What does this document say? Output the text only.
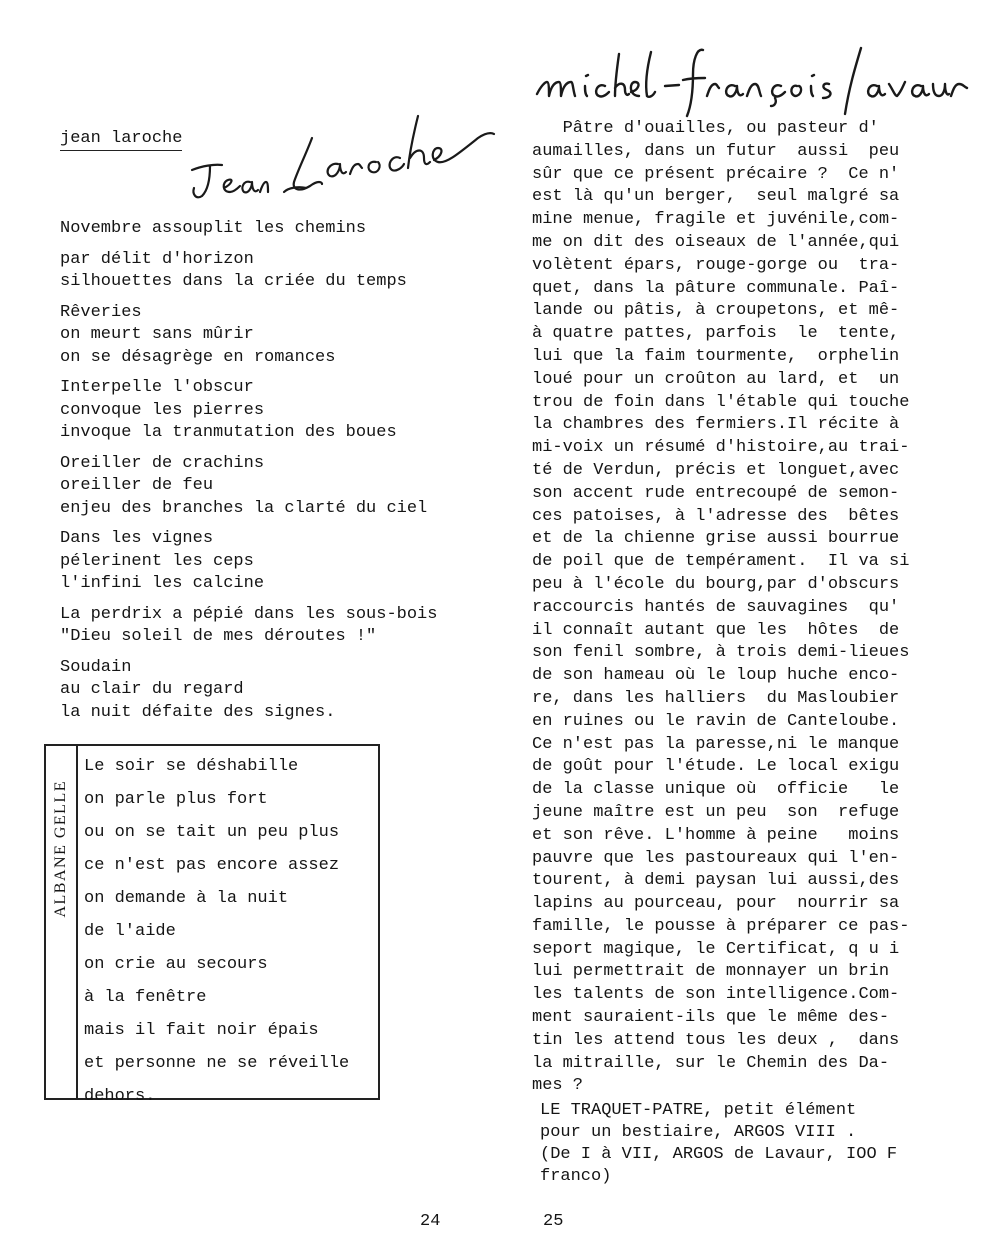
jean laroche
Novembre assouplit les chemins
par délit d'horizon
silhouettes dans la criée du temps
Rêveries
on meurt sans mûrir
on se désagrège en romances
Interpelle l'obscur
convoque les pierres
invoque la tranmutation des boues
Oreiller de crachins
oreiller de feu
enjeu des branches la clarté du ciel
Dans les vignes
pélerinent les ceps
l'infini les calcine
La perdrix a pépié dans les sous-bois
"Dieu soleil de mes déroutes !"
Soudain
au clair du regard
la nuit défaite des signes.
ALBANE GELLE
Le soir se déshabille
on parle plus fort
ou on se tait un peu plus
ce n'est pas encore assez
on demande à la nuit
de l'aide
on crie au secours
à la fenêtre
mais il fait noir épais
et personne ne se réveille
dehors.
24
Pâtre d'ouailles, ou pasteur d'
aumailles, dans un futur  aussi  peu
sûr que ce présent précaire ?  Ce n'
est là qu'un berger,  seul malgré sa
mine menue, fragile et juvénile,com-
me on dit des oiseaux de l'année,qui
volètent épars, rouge-gorge ou  tra-
quet, dans la pâture communale. Paî-
lande ou pâtis, à croupetons, et mê-
à quatre pattes, parfois  le  tente,
lui que la faim tourmente,  orphelin
loué pour un croûton au lard, et  un
trou de foin dans l'étable qui touche
la chambres des fermiers.Il récite à
mi-voix un résumé d'histoire,au trai-
té de Verdun, précis et longuet,avec
son accent rude entrecoupé de semon-
ces patoises, à l'adresse des  bêtes
et de la chienne grise aussi bourrue
de poil que de tempérament.  Il va si
peu à l'école du bourg,par d'obscurs
raccourcis hantés de sauvagines  qu'
il connaît autant que les  hôtes  de
son fenil sombre, à trois demi-lieues
de son hameau où le loup huche enco-
re, dans les halliers  du Masloubier
en ruines ou le ravin de Canteloube.
Ce n'est pas la paresse,ni le manque
de goût pour l'étude. Le local exigu
de la classe unique où  officie   le
jeune maître est un peu  son  refuge
et son rêve. L'homme à peine   moins
pauvre que les pastoureaux qui l'en-
tourent, à demi paysan lui aussi,des
lapins au pourceau, pour  nourrir sa
famille, le pousse à préparer ce pas-
seport magique, le Certificat, q u i
lui permettrait de monnayer un brin
les talents de son intelligence.Com-
ment sauraient-ils que le même des-
tin les attend tous les deux ,  dans
la mitraille, sur le Chemin des Da-
mes ?
LE TRAQUET-PATRE, petit élément
pour un bestiaire, ARGOS VIII .
(De I à VII, ARGOS de Lavaur, IOO F
franco)
25
